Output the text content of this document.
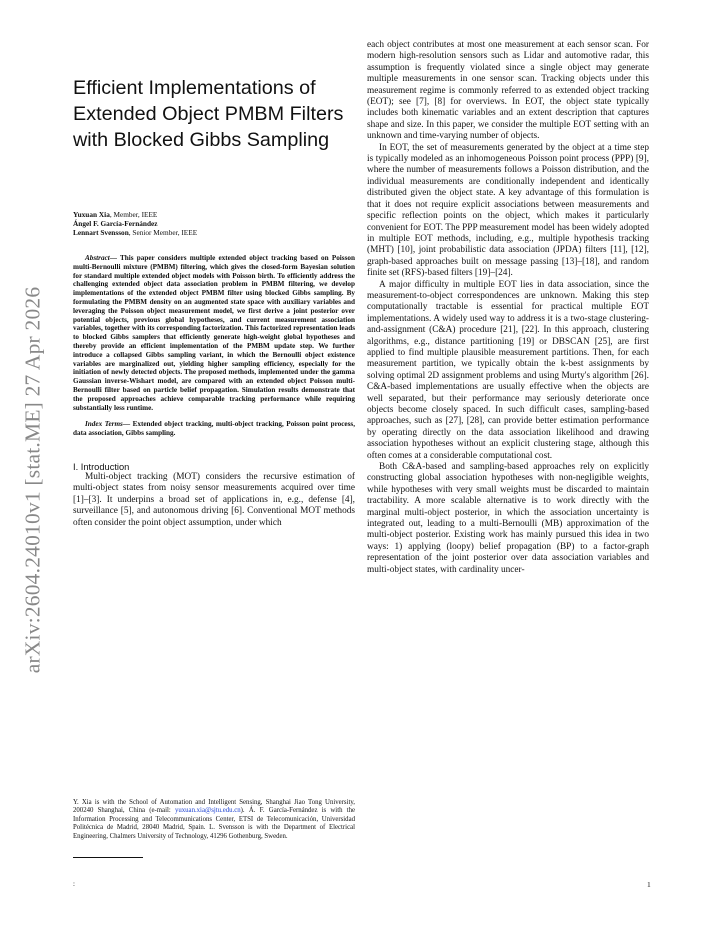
arXiv:2604.24010v1 [stat.ME] 27 Apr 2026
Efficient Implementations of Extended Object PMBM Filters with Blocked Gibbs Sampling
Yuxuan Xia, Member, IEEE
Ángel F. García-Fernández
Lennart Svensson, Senior Member, IEEE
Abstract— This paper considers multiple extended object tracking based on Poisson multi-Bernoulli mixture (PMBM) filtering, which gives the closed-form Bayesian solution for standard multiple extended object models with Poisson birth. To efficiently address the challenging extended object data association problem in PMBM filtering, we develop implementations of the extended object PMBM filter using blocked Gibbs sampling. By formulating the PMBM density on an augmented state space with auxiliary variables and leveraging the Poisson object measurement model, we first derive a joint posterior over potential objects, previous global hypotheses, and current measurement association variables, together with its corresponding factorization. This factorized representation leads to blocked Gibbs samplers that efficiently generate high-weight global hypotheses and thereby provide an efficient implementation of the PMBM update step. We further introduce a collapsed Gibbs sampling variant, in which the Bernoulli object existence variables are marginalized out, yielding higher sampling efficiency, especially for the initiation of newly detected objects. The proposed methods, implemented under the gamma Gaussian inverse-Wishart model, are compared with an extended object Poisson multi-Bernoulli filter based on particle belief propagation. Simulation results demonstrate that the proposed approaches achieve comparable tracking performance while requiring substantially less runtime.
Index Terms— Extended object tracking, multi-object tracking, Poisson point process, data association, Gibbs sampling.
I. Introduction

Multi-object tracking (MOT) considers the recursive estimation of multi-object states from noisy sensor measurements acquired over time [1]–[3]. It underpins a broad set of applications in, e.g., defense [4], surveillance [5], and autonomous driving [6]. Conventional MOT methods often consider the point object assumption, under which

Y. Xia is with the School of Automation and Intelligent Sensing, Shanghai Jiao Tong University, 200240 Shanghai, China (e-mail: yuxuan.xia@sjtu.edu.cn). Á. F. García-Fernández is with the Information Processing and Telecommunications Center, ETSI de Telecomunicación, Universidad Politécnica de Madrid, 28040 Madrid, Spain. L. Svensson is with the Department of Electrical Engineering, Chalmers University of Technology, 41296 Gothenburg, Sweden.
:	1

each object contributes at most one measurement at each sensor scan. For modern high-resolution sensors such as Lidar and automotive radar, this assumption is frequently violated since a single object may generate multiple measurements in one sensor scan. Tracking objects under this measurement regime is commonly referred to as extended object tracking (EOT); see [7], [8] for overviews. In EOT, the object state typically includes both kinematic variables and an extent description that captures shape and size. In this paper, we consider the multiple EOT setting with an unknown and time-varying number of objects.

In EOT, the set of measurements generated by the object at a time step is typically modeled as an inhomogeneous Poisson point process (PPP) [9], where the number of measurements follows a Poisson distribution, and the individual measurements are conditionally independent and identically distributed given the object state. A key advantage of this formulation is that it does not require explicit associations between measurements and specific reflection points on the object, which makes it particularly convenient for EOT. The PPP measurement model has been widely adopted in multiple EOT methods, including, e.g., multiple hypothesis tracking (MHT) [10], joint probabilistic data association (JPDA) filters [11], [12], graph-based approaches built on message passing [13]–[18], and random finite set (RFS)-based filters [19]–[24].

A major difficulty in multiple EOT lies in data association, since the measurement-to-object correspondences are unknown. Making this step computationally tractable is essential for practical multiple EOT implementations. A widely used way to address it is a two-stage clustering-and-assignment (C&A) procedure [21], [22]. In this approach, clustering algorithms, e.g., distance partitioning [19] or DBSCAN [25], are first applied to find multiple plausible measurement partitions. Then, for each measurement partition, we typically obtain the k-best assignments by solving optimal 2D assignment problems and using Murty's algorithm [26]. C&A-based implementations are usually effective when the objects are well separated, but their performance may seriously deteriorate once objects become closely spaced. In such difficult cases, sampling-based approaches, such as [27], [28], can provide better estimation performance by operating directly on the data association likelihood and drawing association hypotheses without an explicit clustering stage, although this often comes at a considerable computational cost.

Both C&A-based and sampling-based approaches rely on explicitly constructing global association hypotheses with non-negligible weights, while hypotheses with very small weights must be discarded to maintain tractability. A more scalable alternative is to work directly with the marginal multi-object posterior, in which the association uncertainty is integrated out, leading to a multi-Bernoulli (MB) approximation of the multi-object posterior. Existing work has mainly pursued this idea in two ways: 1) applying (loopy) belief propagation (BP) to a factor-graph representation of the joint posterior over data association variables and multi-object states, with cardinality uncer-
